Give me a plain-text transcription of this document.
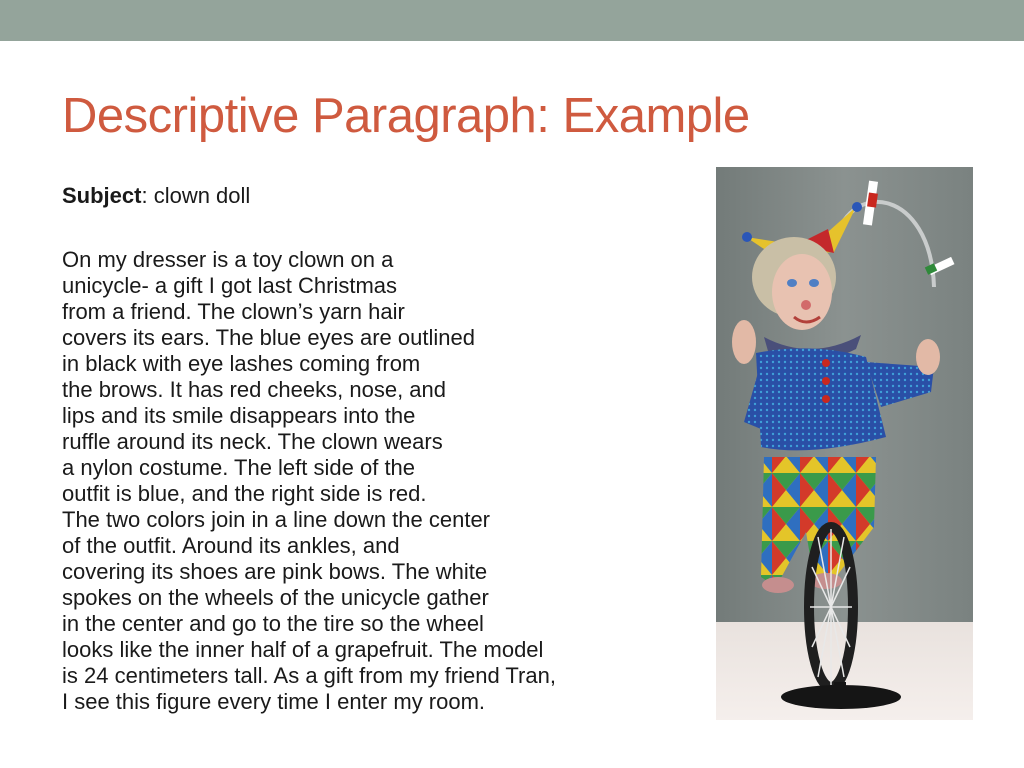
Descriptive Paragraph: Example
Subject: clown doll
On my dresser is a toy clown on a
unicycle- a gift I got last Christmas
from a friend. The clown’s yarn hair
covers its ears. The blue eyes are outlined
in black with eye lashes coming from
the brows. It has red cheeks, nose, and
lips and its smile disappears into the
ruffle around its neck. The clown wears
a nylon costume. The left side of the
outfit is blue, and the right side is red.
The two colors join in a line down the center
of the outfit. Around its ankles, and
covering its shoes are pink bows. The white
spokes on the wheels of the unicycle gather
in the center and go to the tire so the wheel
looks like the inner half of a grapefruit. The model
is 24 centimeters tall. As a gift from my friend Tran,
I see this figure every time I enter my room.
